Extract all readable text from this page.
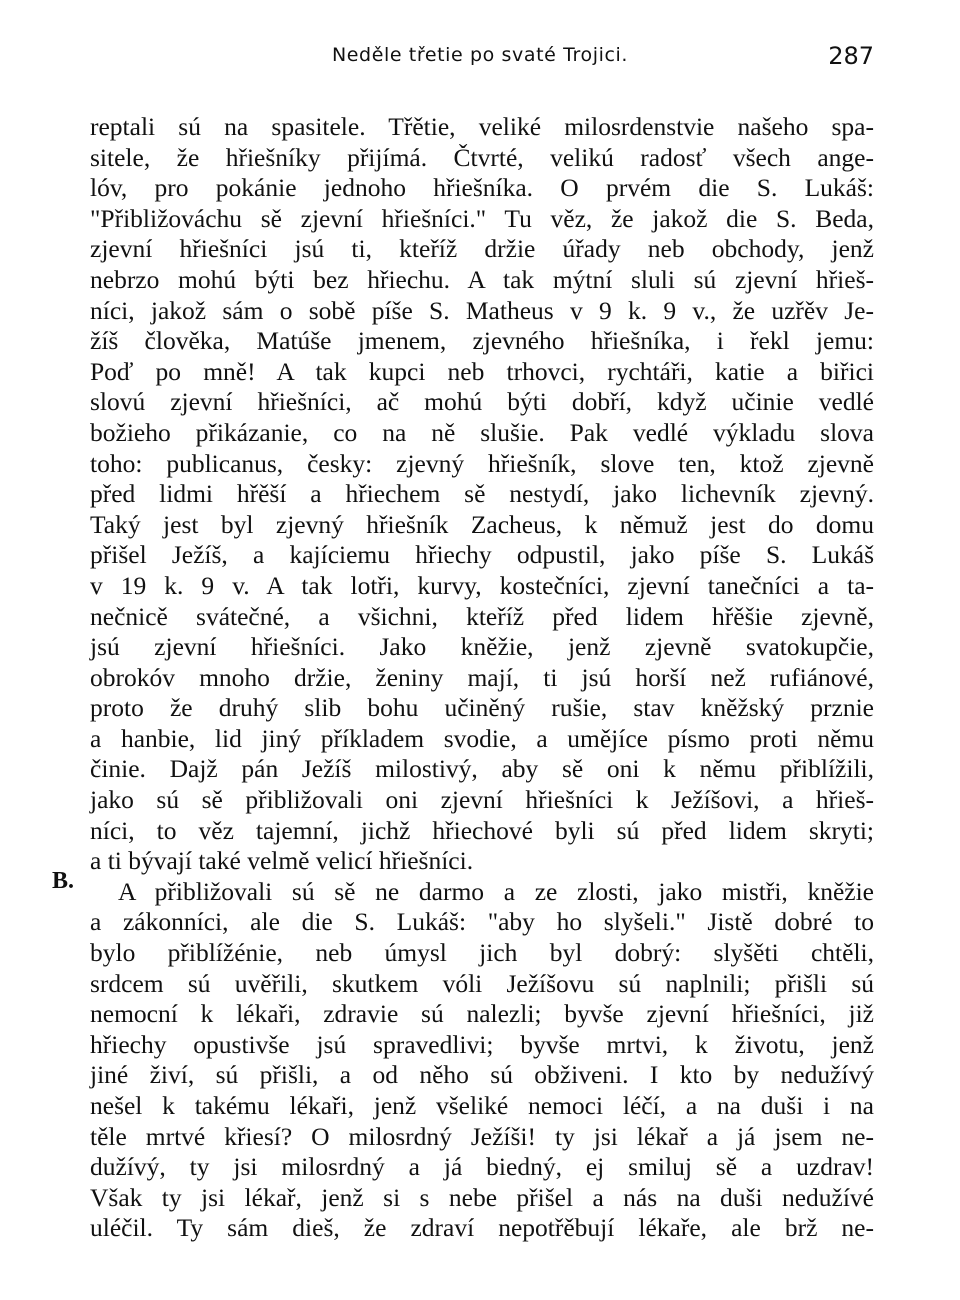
Neděle třetie po svaté Trojici.	287
B.
reptali sú na spasitele. Třětie, veliké milosrdenstvie našeho spa-
sitele, že hřiešníky přijímá. Čtvrté, velikú radosť všech ange-
lóv, pro pokánie jednoho hřiešníka. O prvém die S. Lukáš:
"Přibližováchu sě zjevní hřiešníci." Tu věz, že jakož die S. Beda,
zjevní hřiešníci jsú ti, kteříž držie úřady neb obchody, jenž
nebrzo mohú býti bez hřiechu. A tak mýtní sluli sú zjevní hřieš-
níci, jakož sám o sobě píše S. Matheus v 9 k. 9 v., že uzřěv Je-
žíš člověka, Matúše jmenem, zjevného hřiešníka, i řekl jemu:
Poď po mně! A tak kupci neb trhovci, rychtáři, katie a biřici
slovú zjevní hřiešníci, ač mohú býti dobří, když učinie vedlé
božieho přikázanie, co na ně slušie. Pak vedlé výkladu slova
toho: publicanus, česky: zjevný hřiešník, slove ten, ktož zjevně
před lidmi hřěší a hřiechem sě nestydí, jako lichevník zjevný.
Taký jest byl zjevný hřiešník Zacheus, k němuž jest do domu
přišel Ježíš, a kajíciemu hřiechy odpustil, jako píše S. Lukáš
v 19 k. 9 v. A tak lotři, kurvy, kostečníci, zjevní tanečníci a ta-
nečnicě svátečné, a všichni, kteříž před lidem hřěšie zjevně,
jsú zjevní hřiešníci. Jako kněžie, jenž zjevně svatokupčie,
obrokóv mnoho držie, ženiny mají, ti jsú horší než rufiánové,
proto že druhý slib bohu učiněný rušie, stav kněžský prznie
a hanbie, lid jiný příkladem svodie, a umějíce písmo proti němu
činie. Dajž pán Ježíš milostivý, aby sě oni k němu přiblížili,
jako sú sě přibližovali oni zjevní hřiešníci k Ježíšovi, a hřieš-
níci, to věz tajemní, jichž hřiechové byli sú před lidem skryti;
a ti bývají také velmě velicí hřiešníci.
A přibližovali sú sě ne darmo a ze zlosti, jako mistři, kněžie
a zákonníci, ale die S. Lukáš: "aby ho slyšeli." Jistě dobré to
bylo přiblížénie, neb úmysl jich byl dobrý: slyšěti chtěli,
srdcem sú uvěřili, skutkem vóli Ježíšovu sú naplnili; přišli sú
nemocní k lékaři, zdravie sú nalezli; byvše zjevní hřiešníci, již
hřiechy opustivše jsú spravedlivi; byvše mrtvi, k životu, jenž
jiné živí, sú přišli, a od něho sú obživeni. I kto by nedužívý
nešel k takému lékaři, jenž všeliké nemoci léčí, a na duši i na
těle mrtvé křiesí? O milosrdný Ježíši! ty jsi lékař a já jsem ne-
dužívý, ty jsi milosrdný a já biedný, ej smiluj sě a uzdrav!
Však ty jsi lékař, jenž si s nebe přišel a nás na duši nedužívé
uléčil. Ty sám dieš, že zdraví nepotřěbují lékaře, ale brž ne-
